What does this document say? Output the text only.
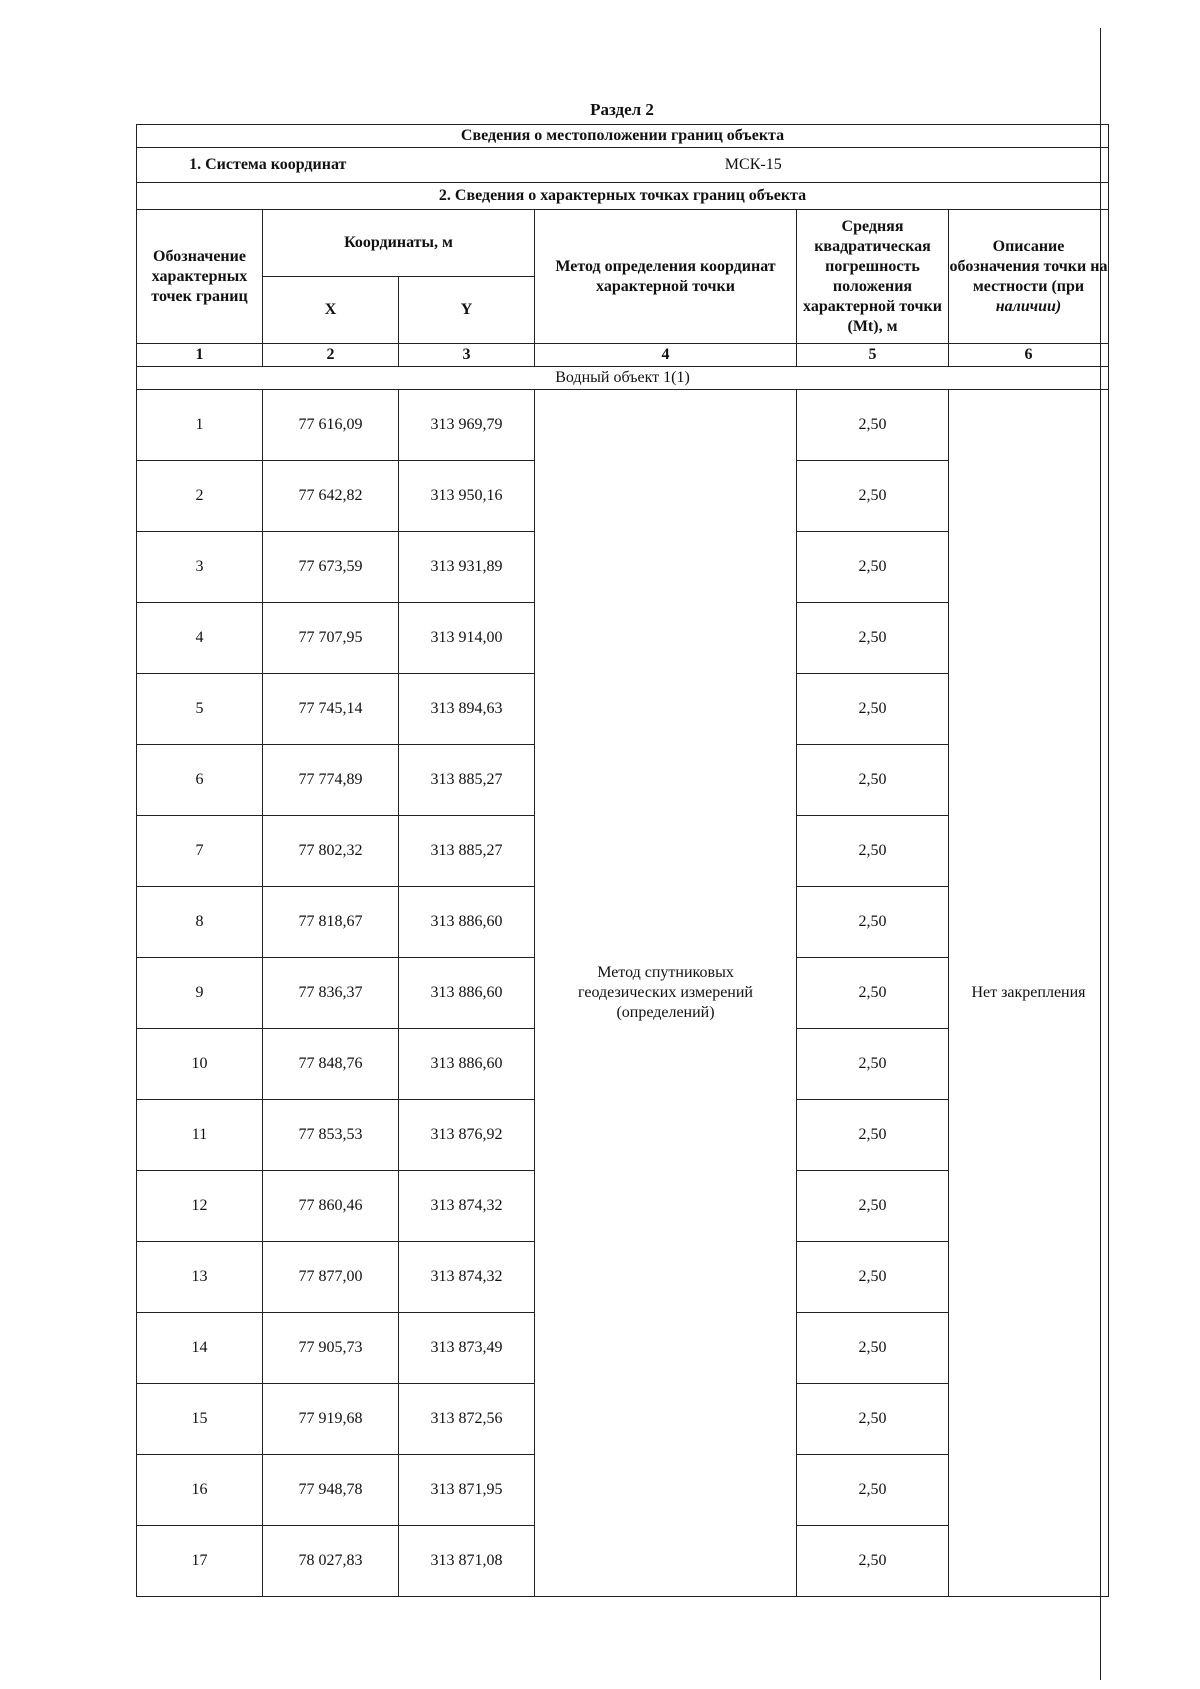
Раздел 2
Сведения о местоположении границ объекта					
1. Система координат		МСК-15			
2. Сведения о характерных точках границ объекта					
Обозначение характерных точек границ	Координаты, м		Метод определения координат характерной точки	Средняя квадратическая погрешность положения характерной точки (Mt), м	Описание обозначения точки на местности (при наличии)
	X	Y			
1	2	3	4	5	6
Водный объект 1(1)					
1	77 616,09	313 969,79	Метод спутниковых геодезических измерений (определений)	2,50	Нет закрепления
2	77 642,82	313 950,16		2,50	
3	77 673,59	313 931,89		2,50	
4	77 707,95	313 914,00		2,50	
5	77 745,14	313 894,63		2,50	
6	77 774,89	313 885,27		2,50	
7	77 802,32	313 885,27		2,50	
8	77 818,67	313 886,60		2,50	
9	77 836,37	313 886,60		2,50	
10	77 848,76	313 886,60		2,50	
11	77 853,53	313 876,92		2,50	
12	77 860,46	313 874,32		2,50	
13	77 877,00	313 874,32		2,50	
14	77 905,73	313 873,49		2,50	
15	77 919,68	313 872,56		2,50	
16	77 948,78	313 871,95		2,50	
17	78 027,83	313 871,08		2,50	
